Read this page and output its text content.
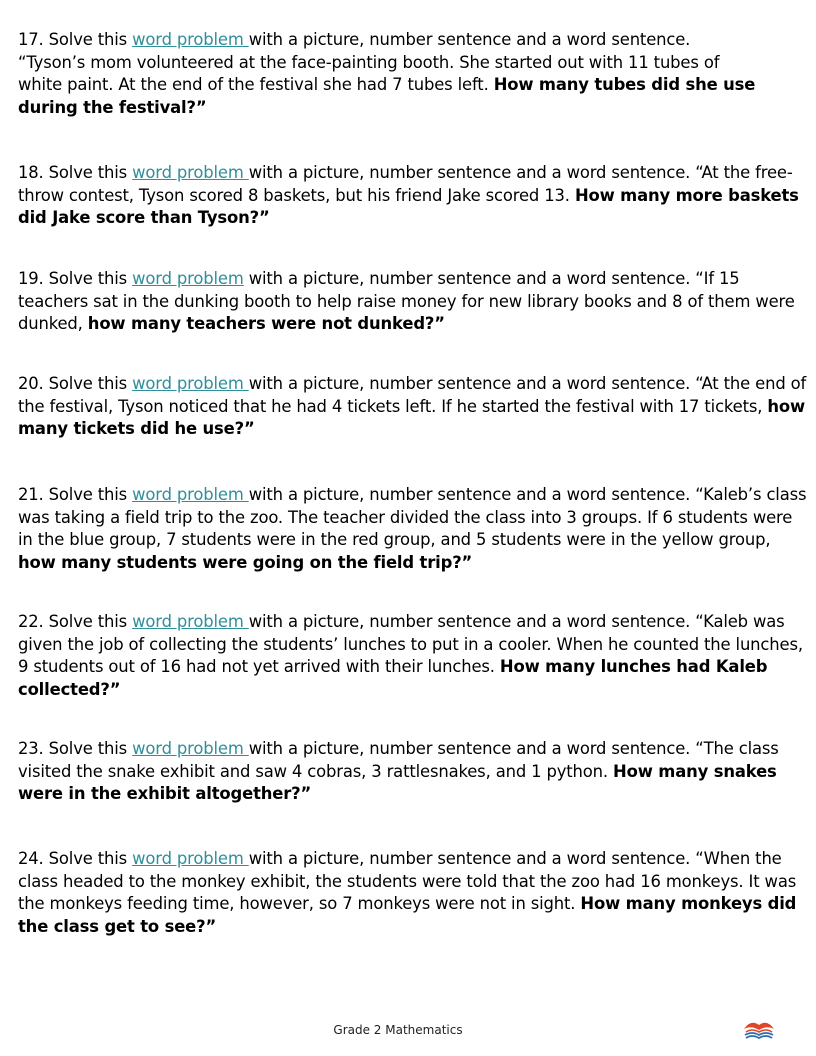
17. Solve this word problem with a picture, number sentence and a word sentence.
“Tyson’s mom volunteered at the face-painting booth. She started out with 11 tubes of
white paint. At the end of the festival she had 7 tubes left. How many tubes did she use during the festival?”

18. Solve this word problem with a picture, number sentence and a word sentence. “At the free-throw contest, Tyson scored 8 baskets, but his friend Jake scored 13. How many more baskets did Jake score than Tyson?”

19. Solve this word problem with a picture, number sentence and a word sentence. “If 15 teachers sat in the dunking booth to help raise money for new library books and 8 of them were dunked, how many teachers were not dunked?”

20. Solve this word problem with a picture, number sentence and a word sentence. “At the end of the festival, Tyson noticed that he had 4 tickets left. If he started the festival with 17 tickets, how many tickets did he use?”

21. Solve this word problem with a picture, number sentence and a word sentence. “Kaleb’s class was taking a field trip to the zoo. The teacher divided the class into 3 groups. If 6 students were in the blue group, 7 students were in the red group, and 5 students were in the yellow group, how many students were going on the field trip?”

22. Solve this word problem with a picture, number sentence and a word sentence. “Kaleb was given the job of collecting the students’ lunches to put in a cooler. When he counted the lunches, 9 students out of 16 had not yet arrived with their lunches. How many lunches had Kaleb collected?”

23. Solve this word problem with a picture, number sentence and a word sentence. “The class visited the snake exhibit and saw 4 cobras, 3 rattlesnakes, and 1 python. How many snakes were in the exhibit altogether?”

24. Solve this word problem with a picture, number sentence and a word sentence. “When the class headed to the monkey exhibit, the students were told that the zoo had 16 monkeys. It was the monkeys feeding time, however, so 7 monkeys were not in sight. How many monkeys did the class get to see?”

Grade 2 Mathematics
